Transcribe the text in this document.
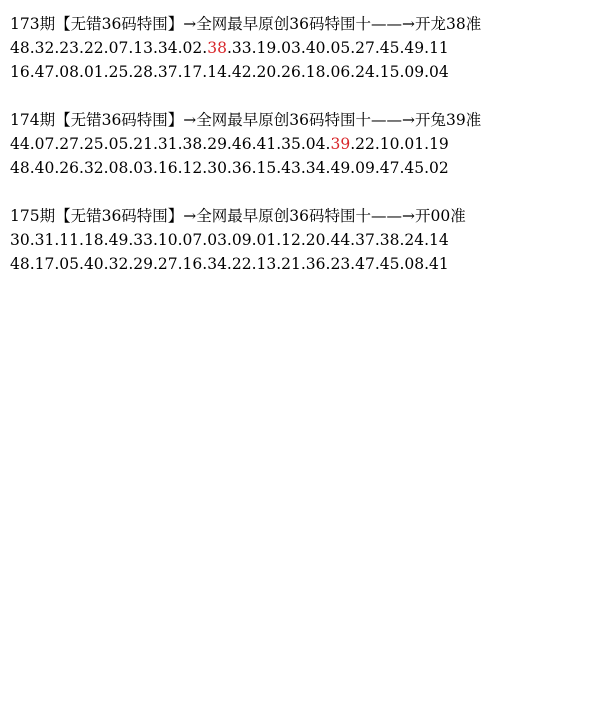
173期【无错36码特围】→全网最早原创36码特围十——→开龙38准
48.32.23.22.07.13.34.02.38.33.19.03.40.05.27.45.49.11
16.47.08.01.25.28.37.17.14.42.20.26.18.06.24.15.09.04
174期【无错36码特围】→全网最早原创36码特围十——→开兔39准
44.07.27.25.05.21.31.38.29.46.41.35.04.39.22.10.01.19
48.40.26.32.08.03.16.12.30.36.15.43.34.49.09.47.45.02
175期【无错36码特围】→全网最早原创36码特围十——→开00准
30.31.11.18.49.33.10.07.03.09.01.12.20.44.37.38.24.14
48.17.05.40.32.29.27.16.34.22.13.21.36.23.47.45.08.41
